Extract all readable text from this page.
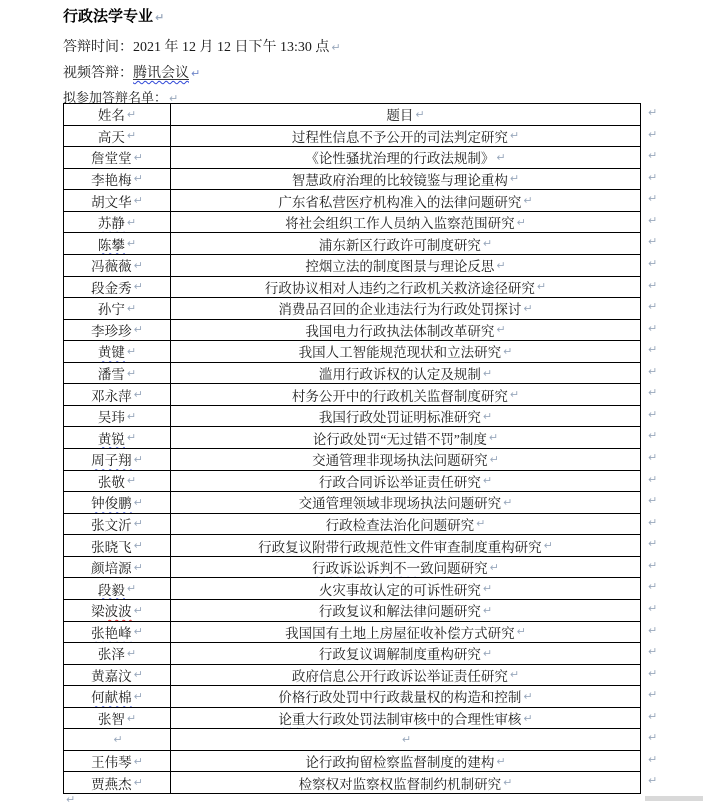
行政法学专业 ↵
答辩时间：2021 年 12 月 12 日下午 13:30 点 ↵
视频答辩：腾讯会议 ↵
拟参加答辩名单： ↵
姓名 ↵	题目 ↵	↵
高天 ↵	过程性信息不予公开的司法判定研究 ↵	↵
詹堂堂 ↵	《论性骚扰治理的行政法规制》 ↵	↵
李艳梅 ↵	智慧政府治理的比较镜鉴与理论重构 ↵	↵
胡文华 ↵	广东省私营医疗机构准入的法律问题研究 ↵	↵
苏静 ↵	将社会组织工作人员纳入监察范围研究 ↵	↵
陈攀 ↵	浦东新区行政许可制度研究 ↵	↵
冯薇薇 ↵	控烟立法的制度图景与理论反思 ↵	↵
段金秀 ↵	行政协议相对人违约之行政机关救济途径研究 ↵	↵
孙宁 ↵	消费品召回的企业违法行为行政处罚探讨 ↵	↵
李珍 珍 ↵	我国电力行政执法体制改革研究 ↵	↵
黄键 ↵	我国人工智能规范现状和立法研究 ↵	↵
潘雪 ↵	滥用行政诉权的认定及规制 ↵	↵
邓永萍 ↵	村务公开中的行政机关监督制度研究 ↵	↵
吴玮 ↵	我国行政处罚证明标准研究 ↵	↵
黄锐 ↵	论行政处罚“无过错不罚”制度 ↵	↵
周子翔 ↵	交通管理非现场执法问题研究 ↵	↵
张敬 ↵	行政合同诉讼举证责任研究 ↵	↵
钟俊鹏 ↵	交通管理领域非现场执法问题研究 ↵	↵
张文沂 ↵	行政检查法治化问题研究 ↵	↵
张晓飞 ↵	行政复议附带行政规范性文件审查制度重构研究 ↵	↵
颜培源 ↵	行政诉讼诉判不一 致问题研究 ↵	↵
段毅 ↵	火灾事故认定的可诉性研究 ↵	↵
梁 波波 ↵	行政复议和解法律问题研究 ↵	↵
张艳峰 ↵	我国国有土地上房屋征收补偿方式研究 ↵	↵
张泽 ↵	行政复议调解制度重构研究 ↵	↵
黄嘉汶 ↵	政府信息公开行政诉讼举证责任研究 ↵	↵
何献棉 ↵	价格行政处罚中行政裁量权的构造和控制 ↵	↵
张智 ↵	论重大 行政处罚法制审核中的合理性审核 ↵	↵
↵	↵	↵
王伟琴 ↵	论行政拘留检察监督制度的建构 ↵	↵
贾燕杰 ↵	检察权对监察权监督制约机制研究 ↵	↵
↵
